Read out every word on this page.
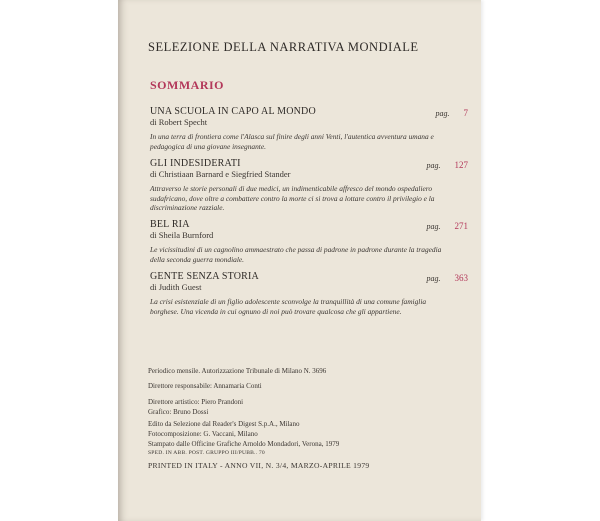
SELEZIONE DELLA NARRATIVA MONDIALE
SOMMARIO
UNA SCUOLA IN CAPO AL MONDO
di Robert Specht
pag. 7
In una terra di frontiera come l'Alasca sul finire degli anni Venti, l'autentica avventura umana e pedagogica di una giovane insegnante.
GLI INDESIDERATI
di Christiaan Barnard e Siegfried Stander
pag. 127
Attraverso le storie personali di due medici, un indimenticabile affresco del mondo ospedaliero sudafricano, dove oltre a combattere contro la morte ci si trova a lottare contro il privilegio e la discriminazione razziale.
BEL RIA
di Sheila Burnford
pag. 271
Le vicissitudini di un cagnolino ammaestrato che passa di padrone in padrone durante la tragedia della seconda guerra mondiale.
GENTE SENZA STORIA
di Judith Guest
pag. 363
La crisi esistenziale di un figlio adolescente sconvolge la tranquillità di una comune famiglia borghese. Una vicenda in cui ognuno di noi può trovare qualcosa che gli appartiene.
Periodico mensile. Autorizzazione Tribunale di Milano N. 3696
Direttore responsabile: Annamaria Conti
Direttore artistico: Piero Prandoni
Grafico: Bruno Dossi
Edito da Selezione dal Reader's Digest S.p.A., Milano
Fotocomposizione: G. Vaccani, Milano
Stampato dalle Officine Grafiche Arnoldo Mondadori, Verona, 1979
SPED. IN ABB. POST. GRUPPO III/PUBB.. 70
PRINTED IN ITALY - ANNO VII, N. 3/4, MARZO-APRILE 1979
